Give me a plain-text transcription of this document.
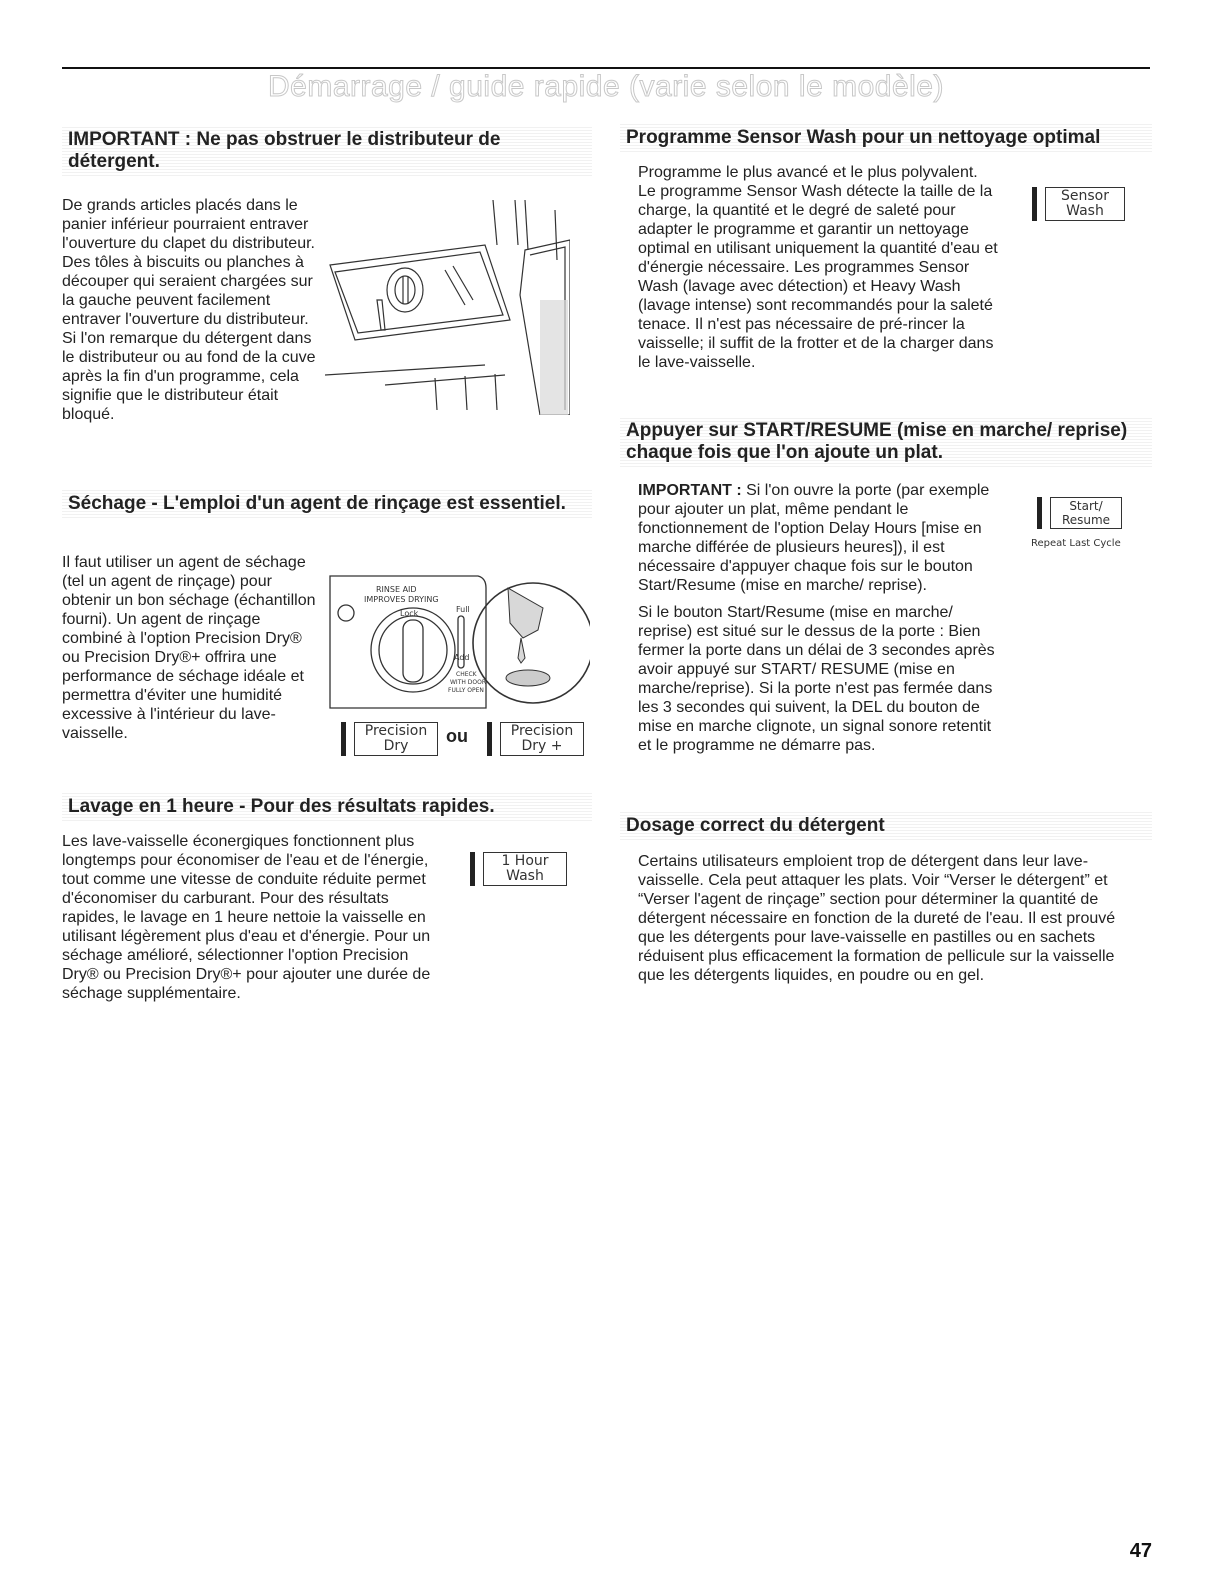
Démarrage / guide rapide (varie selon le modèle)
IMPORTANT : Ne pas obstruer le distributeur de détergent.
De grands articles placés dans le panier inférieur pourraient entraver l'ouverture du clapet du distributeur. Des tôles à biscuits ou planches à découper qui seraient chargées sur la gauche peuvent facilement entraver l'ouverture du distributeur. Si l'on remarque du détergent dans le distributeur ou au fond de la cuve après la fin d'un programme, cela signifie que le distributeur était bloqué.
Séchage - L'emploi d'un agent de rinçage est essentiel.
Il faut utiliser un agent de séchage (tel un agent de rinçage) pour obtenir un bon séchage (échantillon fourni). Un agent de rinçage combiné à l'option Precision Dry® ou Precision Dry®+ offrira une performance de séchage idéale et permettra d'éviter une humidité excessive à l'intérieur du lave-vaisselle.
RINSE AID
IMPROVES DRYING
Lock	Full
Add
CHECK
WITH DOOR
FULLY OPEN
Precision
Dry	ou	Precision
Dry +
Lavage en 1 heure - Pour des résultats rapides.
Les lave-vaisselle éconergiques fonctionnent plus longtemps pour économiser de l'eau et de l'énergie, tout comme une vitesse de conduite réduite permet d'économiser du carburant. Pour des résultats rapides, le lavage en 1 heure nettoie la vaisselle en utilisant légèrement plus d'eau et d'énergie. Pour un séchage amélioré, sélectionner l'option Precision Dry® ou Precision Dry®+ pour ajouter une durée de séchage supplémentaire.
1 Hour
Wash
Programme Sensor Wash pour un nettoyage optimal
Programme le plus avancé et le plus polyvalent. Le programme Sensor Wash détecte la taille de la charge, la quantité et le degré de saleté pour adapter le programme et garantir un nettoyage optimal en utilisant uniquement la quantité d'eau et d'énergie nécessaire. Les programmes Sensor Wash (lavage avec détection) et Heavy Wash (lavage intense) sont recommandés pour la saleté tenace. Il n'est pas nécessaire de pré-rincer la vaisselle; il suffit de la frotter et de la charger dans le lave-vaisselle.
Sensor
Wash
Appuyer sur START/RESUME (mise en marche/ reprise) chaque fois que l'on ajoute un plat.

IMPORTANT : Si l'on ouvre la porte (par exemple pour ajouter un plat, même pendant le fonctionnement de l'option Delay Hours [mise en marche différée de plusieurs heures]), il est nécessaire d'appuyer chaque fois sur le bouton Start/Resume (mise en marche/ reprise).

Si le bouton Start/Resume (mise en marche/ reprise) est situé sur le dessus de la porte : Bien fermer la porte dans un délai de 3 secondes après avoir appuyé sur START/ RESUME (mise en marche/reprise). Si la porte n'est pas fermée dans les 3 secondes qui suivent, la DEL du bouton de mise en marche clignote, un signal sonore retentit et le programme ne démarre pas.

Start/
Resume
Repeat Last Cycle
Dosage correct du détergent
Certains utilisateurs emploient trop de détergent dans leur lave-vaisselle. Cela peut attaquer les plats. Voir “Verser le détergent” et “Verser l'agent de rinçage” section pour déterminer la quantité de détergent nécessaire en fonction de la dureté de l'eau. Il est prouvé que les détergents pour lave-vaisselle en pastilles ou en sachets réduisent plus efficacement la formation de pellicule sur la vaisselle que les détergents liquides, en poudre ou en gel.
47
